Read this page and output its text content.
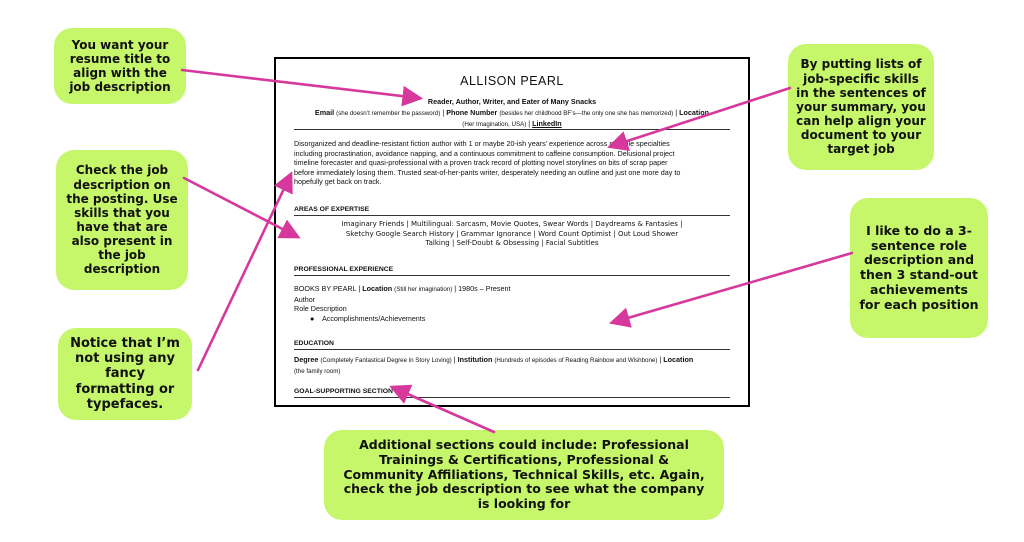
ALLISON PEARL
Reader, Author, Writer, and Eater of Many Snacks
Email (she doesn’t remember the password) | Phone Number (besides her childhood BF’s—the only one she has memorized) | Location
(Her Imagination, USA) | LinkedIn
Disorganized and deadline-resistant fiction author with 1 or maybe 20-ish years’ experience across multiple specialties
including procrastination, avoidance napping, and a continuous commitment to caffeine consumption. Delusional project
timeline forecaster and quasi-professional with a proven track record of plotting novel storylines on bits of scrap paper
before immediately losing them. Trusted seat-of-her-pants writer, desperately needing an outline and just one more day to
hopefully get back on track.
AREAS OF EXPERTISE
Imaginary Friends | Multilingual: Sarcasm, Movie Quotes, Swear Words | Daydreams & Fantasies |
Sketchy Google Search History | Grammar Ignorance | Word Count Optimist | Out Loud Shower
Talking | Self-Doubt & Obsessing | Facial Subtitles
PROFESSIONAL EXPERIENCE
BOOKS BY PEARL | Location (Still her imagination) | 1980s – Present
Author
Role Description
● Accomplishments/Achievements
EDUCATION
Degree (Completely Fantastical Degree in Story Loving) | Institution (Hundreds of episodes of Reading Rainbow and Wishbone) | Location
(the family room)
GOAL-SUPPORTING SECTION
You want your resume title to align with the job description
By putting lists of job-specific skills in the sentences of your summary, you can help align your document to your target job
Check the job description on the posting. Use skills that you have that are also present in the job description
I like to do a 3-sentence role description and then 3 stand-out achievements for each position
Notice that I’m not using any fancy formatting or typefaces.
Additional sections could include: Professional Trainings & Certifications, Professional & Community Affiliations, Technical Skills, etc. Again, check the job description to see what the company is looking for
